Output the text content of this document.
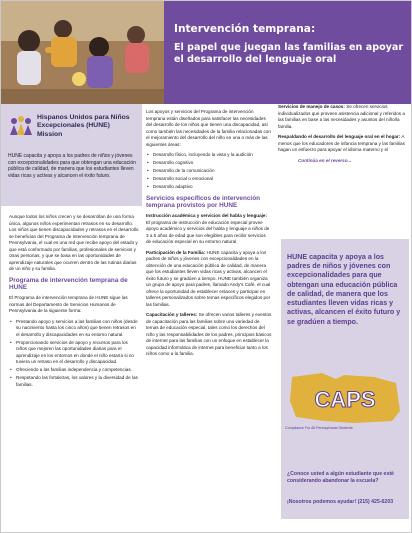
Intervención temprana:
El papel que juegan las familias en apoyar el desarrollo del lenguaje oral
Hispanos Unidos para Niños Excepcionales (HUNE) Mission
HUNE capacita y apoya a los padres de niños y jóvenes con excepcionalidades para que obtengan una educación pública de calidad, de manera que los estudiantes lleven vidas ricas y activas y alcancen el éxito futuro.

Aunque todos los niños crecen y se desarrollan de una forma única, algunos niños experimentan retrasos en su desarrollo. Los niños que tienen discapacidades y retrasos en el desarrollo se benefician del Programa de Intervención temprana de Pennsylvania, el cual es una red que recibe apoyo del estado y que está conformado por familias, profesionales de servicios y otras personas, y que se basa en las oportunidades de aprendizaje naturales que ocurren dentro de las rutinas diarias de un niño y su familia.

Programa de intervención temprana de HUNE

El Programa de intervención temprana de HUNE sigue las normas del Departamento de Servicios Humanos de Pennsylvania de la siguiente forma:

• Prestando apoyo y servicios a las familias con niños (desde su nacimiento hasta los cinco años) que tienen retrasos en el desarrollo y discapacidades en su entorno natural.
• Proporcionando servicios de apoyo y recursos para los niños que mejoren las oportunidades diarias para el aprendizaje en los entornos en donde el niño estaría si no tuviera un retraso en el desarrollo y discapacidad.
• Ofreciendo a las familias independencia y competencias.
• Respetando las fortalezas, los valores y la diversidad de las familias.

Los apoyos y servicios del Programa de intervención temprana están diseñados para satisfacer las necesidades del desarrollo de los niños que tienen una discapacidad, así como también las necesidades de la familia relacionadas con el mejoramiento del desarrollo del niño en una o más de las siguientes áreas:

• Desarrollo físico, incluyendo la vista y la audición
• Desarrollo cognitivo
• Desarrollo de la comunicación
• Desarrollo social o emocional
• Desarrollo adaptivo
Servicios específicos de intervención temprana provistos por HUNE

Instrucción académica y servicios del habla y lenguaje: El programa de instrucción de educación especial provee apoyo académico y servicios del habla y lenguaje a niños de 3 a 5 años de edad que son elegibles para recibir servicios de educación especial en su entorno natural.

Participación de la Familia: HUNE capacita y apoya a los padres de niños y jóvenes con excepcionalidades en la obtención de una educación pública de calidad, de manera que los estudiantes lleven vidas ricas y activas, alcancen el éxito futuro y se gradúen a tiempo. HUNE también organiza un grupo de apoyo para padres, llamado Andy's Café, el cual ofrece la oportunidad de establecer enlaces y participar en talleres personalizados sobre temas específicos elegidos por las familias.

Capacitación y talleres: Se ofrecen varios talleres y eventos de capacitación para las familias sobre una variedad de temas de educación especial, tales como los derechos del niño y las responsabilidades de los padres, principios básicos de internet para las familias con un enfoque en establecer la capacidad informática de internet para beneficiar tanto a los niños como a la familia.

Servicios de manejo de casos: Se ofrecen servicios individualizados que proveen asistencia adicional y referidos a las familias en base a las necesidades y asuntos del niño/la familia.

Respaldando el desarrollo del lenguaje oral en el hogar: A menos que los educadores de infancia temprana y las familias hagan un esfuerzo para apoyar el idioma materno y el

Continúa en el reverso...
HUNE capacita y apoya a los padres de niños y jóvenes con excepcionalidades para que obtengan una educación pública de calidad, de manera que los estudiantes lleven vidas ricas y activas, alcancen el éxito futuro y se gradúen a tiempo.
CAPS
Compliance For All Pennsylvania Students
¿Conoce usted a algún estudiante que esté considerando abandonar la escuela?
¡Nosotros podemos ayudar! (215) 425-6203
